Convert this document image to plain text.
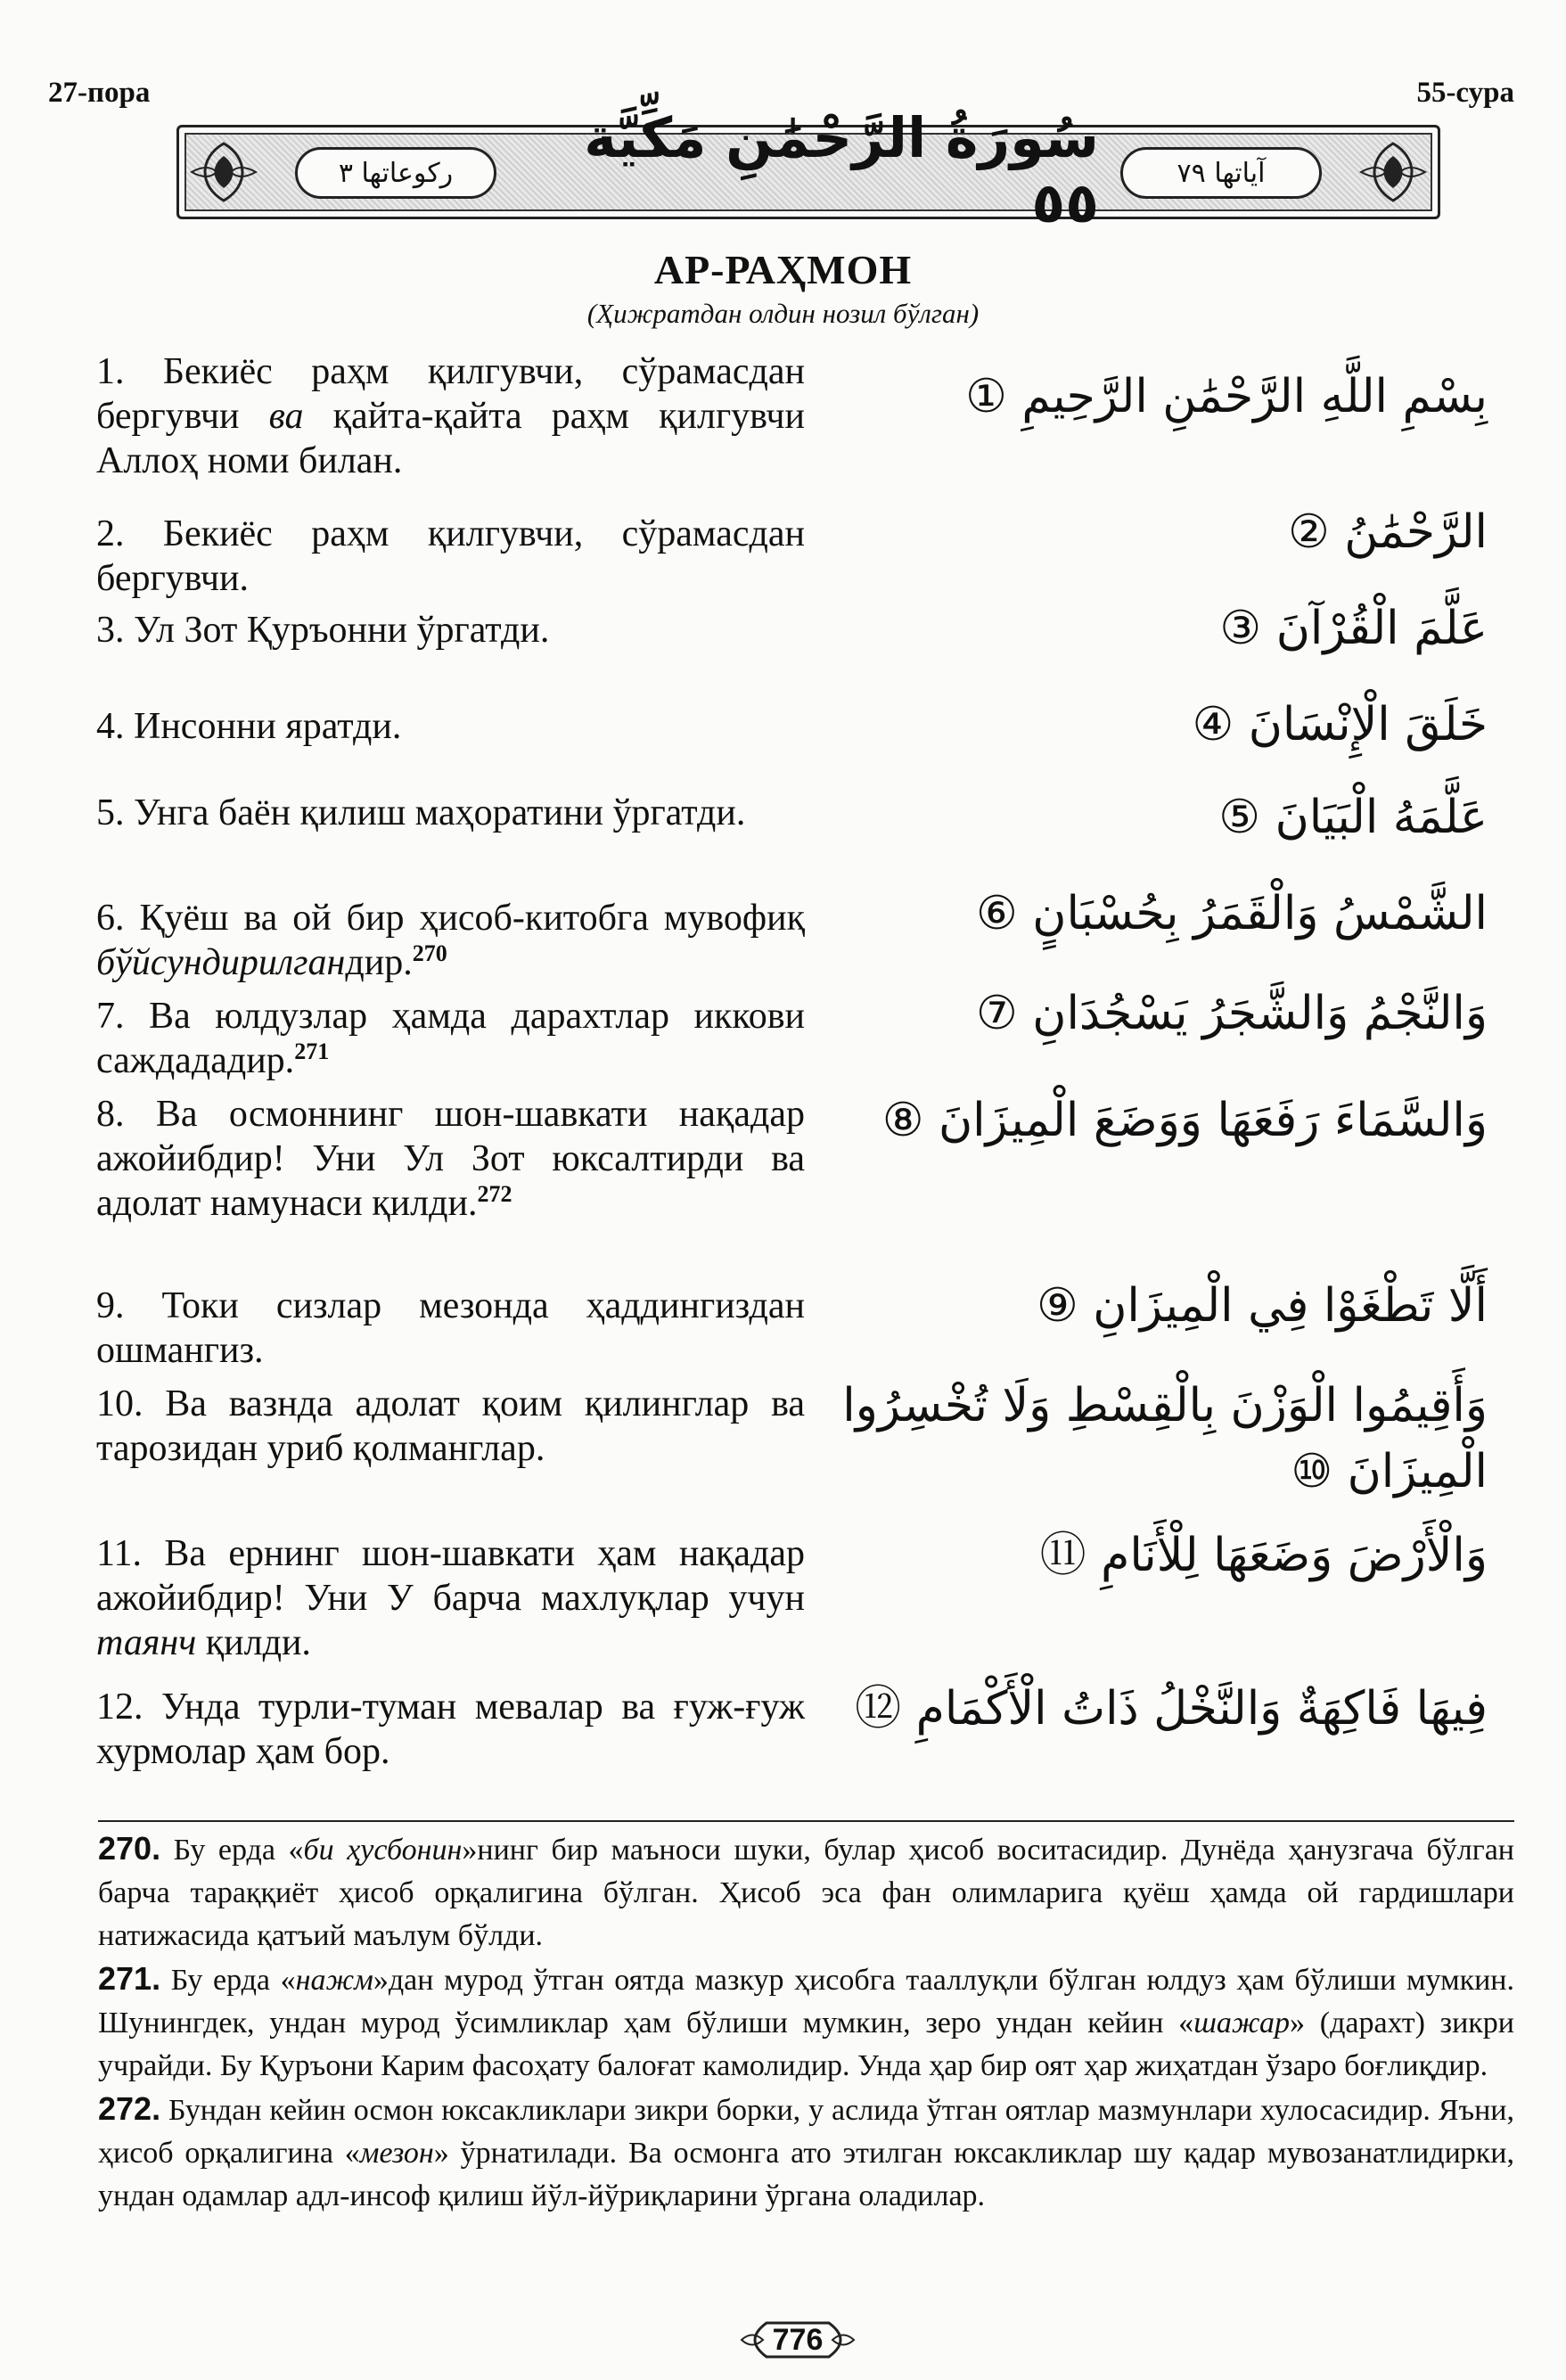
27-пора	55-сура
ركوعاتها ٣
سُورَةُ الرَّحْمَٰنِ مَكِّيَّة ٥٥	آياتها ٧٩
АР-РАҲМОН
(Ҳижратдан олдин нозил бўлган)
1. Бекиёс раҳм қилгувчи, сўрамасдан бергувчи ва қайта-қайта раҳм қилгувчи Аллоҳ номи билан.
2. Бекиёс раҳм қилгувчи, сўрамасдан бергувчи.
3. Ул Зот Қуръонни ўргатди.
4. Инсонни яратди.
5. Унга баён қилиш маҳоратини ўргатди.
6. Қуёш ва ой бир ҳисоб-китобга мувофиқ бўйсундирилгандир.$^{270}$
7. Ва юлдузлар ҳамда дарахтлар иккови саждададир.$^{271}$
8. Ва осмоннинг шон-шавкати нақадар ажойибдир! Уни Ул Зот юксалтирди ва адолат намунаси қилди.$^{272}$
9. Токи сизлар мезонда ҳаддингиздан ошмангиз.
10. Ва вазнда адолат қоим қилинглар ва тарозидан уриб қолманглар.
11. Ва ернинг шон-шавкати ҳам нақадар ажойибдир! Уни У барча махлуқлар учун таянч қилди.
12. Унда турли-туман мевалар ва ғуж-ғуж хурмолар ҳам бор.
بِسْمِ اللَّهِ الرَّحْمَٰنِ الرَّحِيمِ ①
الرَّحْمَٰنُ ②
عَلَّمَ الْقُرْآنَ ③
خَلَقَ الْإِنْسَانَ ④
عَلَّمَهُ الْبَيَانَ ⑤
الشَّمْسُ وَالْقَمَرُ بِحُسْبَانٍ ⑥
وَالنَّجْمُ وَالشَّجَرُ يَسْجُدَانِ ⑦
وَالسَّمَاءَ رَفَعَهَا وَوَضَعَ الْمِيزَانَ ⑧
أَلَّا تَطْغَوْا فِي الْمِيزَانِ ⑨
وَأَقِيمُوا الْوَزْنَ بِالْقِسْطِ وَلَا تُخْسِرُوا الْمِيزَانَ ⑩
وَالْأَرْضَ وَضَعَهَا لِلْأَنَامِ ⑪
فِيهَا فَاكِهَةٌ وَالنَّخْلُ ذَاتُ الْأَكْمَامِ ⑫

270. Бу ерда «би ҳусбонин»нинг бир маъноси шуки, булар ҳисоб воситасидир. Дунёда ҳанузгача бўлган барча тараққиёт ҳисоб орқалигина бўлган. Ҳисоб эса фан олимларига қуёш ҳамда ой гардишлари натижасида қатъий маълум бўлди.

271. Бу ерда «нажм»дан мурод ўтган оятда мазкур ҳисобга тааллуқли бўлган юлдуз ҳам бўлиши мумкин. Шунингдек, ундан мурод ўсимликлар ҳам бўлиши мумкин, зеро ундан кейин «шажар» (дарахт) зикри учрайди. Бу Қуръони Карим фасоҳату балоғат камолидир. Унда ҳар бир оят ҳар жиҳатдан ўзаро боғлиқдир.

272. Бундан кейин осмон юксакликлари зикри борки, у аслида ўтган оятлар мазмунлари хулосасидир. Яъни, ҳисоб орқалигина «мезон» ўрнатилади. Ва осмонга ато этилган юксакликлар шу қадар мувозанатлидирки, ундан одамлар адл-инсоф қилиш йўл-йўриқларини ўргана оладилар.

776
